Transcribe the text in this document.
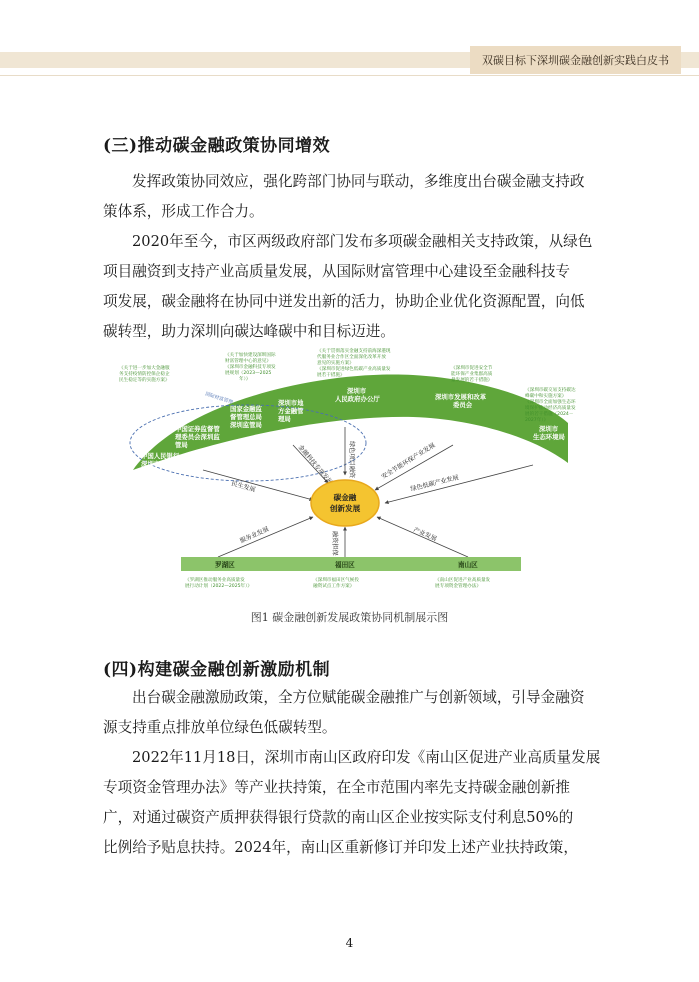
双碳目标下深圳碳金融创新实践白皮书
(三)推动碳金融政策协同增效
发挥政策协同效应，强化跨部门协同与联动，多维度出台碳金融支持政
策体系，形成工作合力。
2020年至今，市区两级政府部门发布多项碳金融相关支持政策，从绿色
项目融资到支持产业高质量发展，从国际财富管理中心建设至金融科技专
项发展，碳金融将在协同中迸发出新的活力，协助企业优化资源配置，向低
碳转型，助力深圳向碳达峰碳中和目标迈进。
国际财富管理
中国人民银行深圳市分行
中国证券监督管理委员会深圳监管局
国家金融监督管理总局深圳监管局
深圳市地方金融管理局
深圳市人民政府办公厅	深圳市发展和改革委员会
深圳市生态环境局
《关于进一步加大金融服务支持疫情防控保企稳企民生稳定等的实施方案》
《关于加快建设深圳国际财富管理中心的意见》《深圳市金融科技专项发展规划（2023—2025 年）》
《关于贯彻落实金融支持前海深港现代服务业合作区全面深化改革开放意见的实施方案》《深圳市促进绿色低碳产业高质量发展若干措施》
《深圳市促进安全节能环保产业集群高质量发展的若干措施》
《深圳市碳交易支持碳达峰碳中和实施方案》《深圳市全面加强生态环境保护推动经济高质量发展的若干措施（2024－ 2027年）》
民生发展
金融科技专项发展 绿色项目融资	安全节能环保产业发展
绿色低碳产业发展
服务业发展	融资担保	产业发展
碳金融创新发展
罗湖区	福田区	南山区
《罗湖区推动服务业高质量发展行动计划（2022—2025年）》
《深圳市福田区气候投融资试点工作方案》
《南山区促进产业高质量发展专项资金管理办法》
图1 碳金融创新发展政策协同机制展示图
(四)构建碳金融创新激励机制
出台碳金融激励政策，全方位赋能碳金融推广与创新领域，引导金融资
源支持重点排放单位绿色低碳转型。
2022年11月18日，深圳市南山区政府印发《南山区促进产业高质量发展
专项资金管理办法》等产业扶持策，在全市范围内率先支持碳金融创新推
广，对通过碳资产质押获得银行贷款的南山区企业按实际支付利息50%的
比例给予贴息扶持。2024年，南山区重新修订并印发上述产业扶持政策，
4
